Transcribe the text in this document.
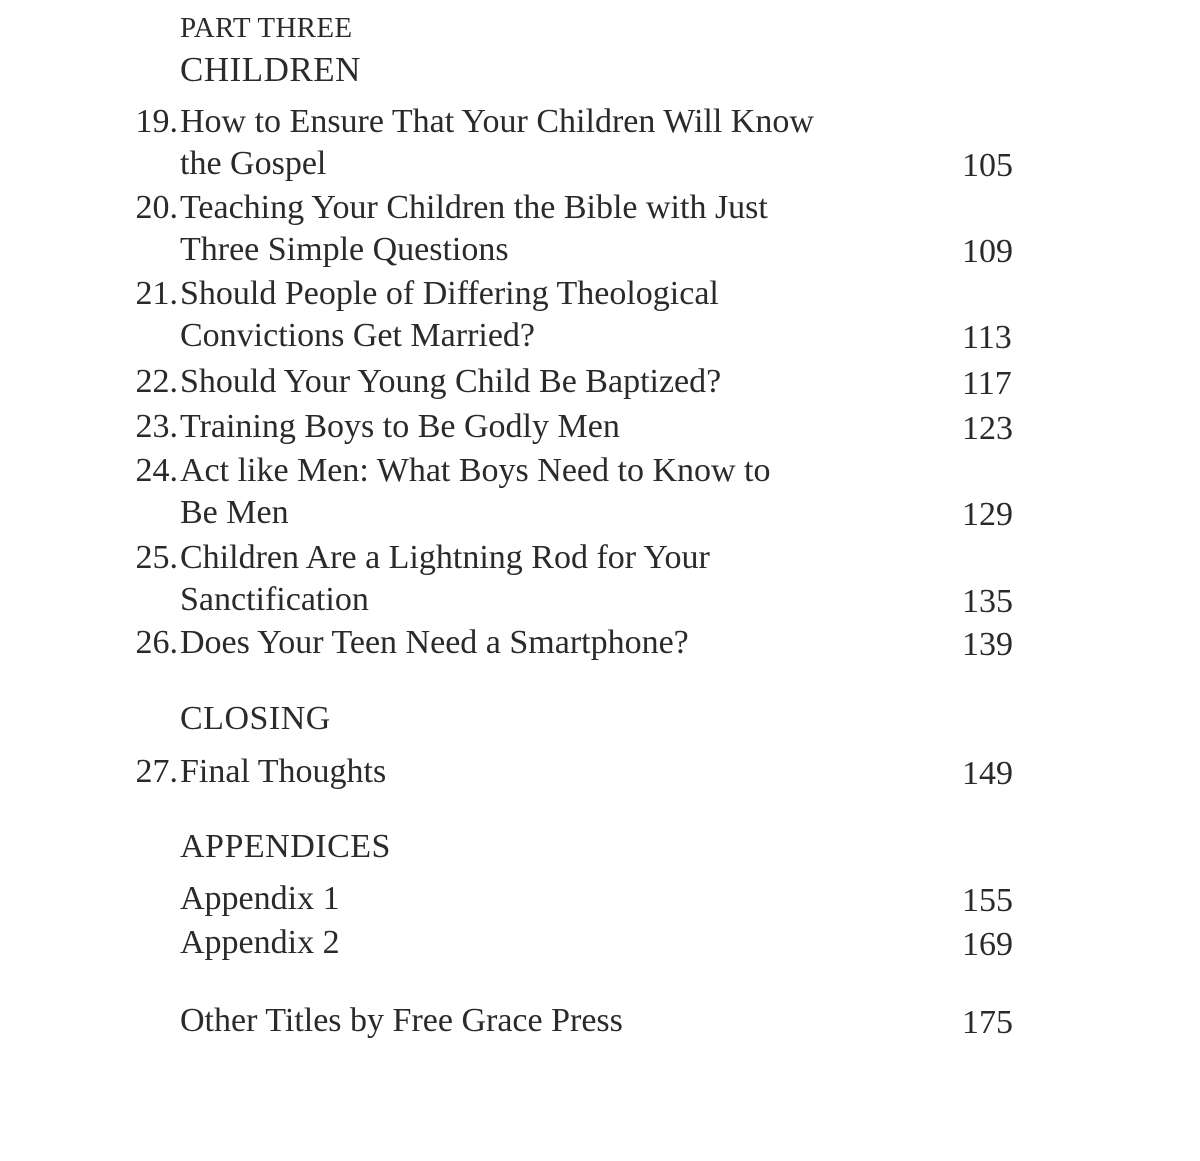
PART THREE
CHILDREN
19. How to Ensure That Your Children Will Know
the Gospel	105
20. Teaching Your Children the Bible with Just
Three Simple Questions	109
21. Should People of Differing Theological
Convictions Get Married?	113
22. Should Your Young Child Be Baptized?	117
23. Training Boys to Be Godly Men	123
24. Act like Men: What Boys Need to Know to
Be Men	129
25. Children Are a Lightning Rod for Your
Sanctification	135
26. Does Your Teen Need a Smartphone?	139
CLOSING
27. Final Thoughts	149
APPENDICES
Appendix 1	155
Appendix 2	169
Other Titles by Free Grace Press	175
